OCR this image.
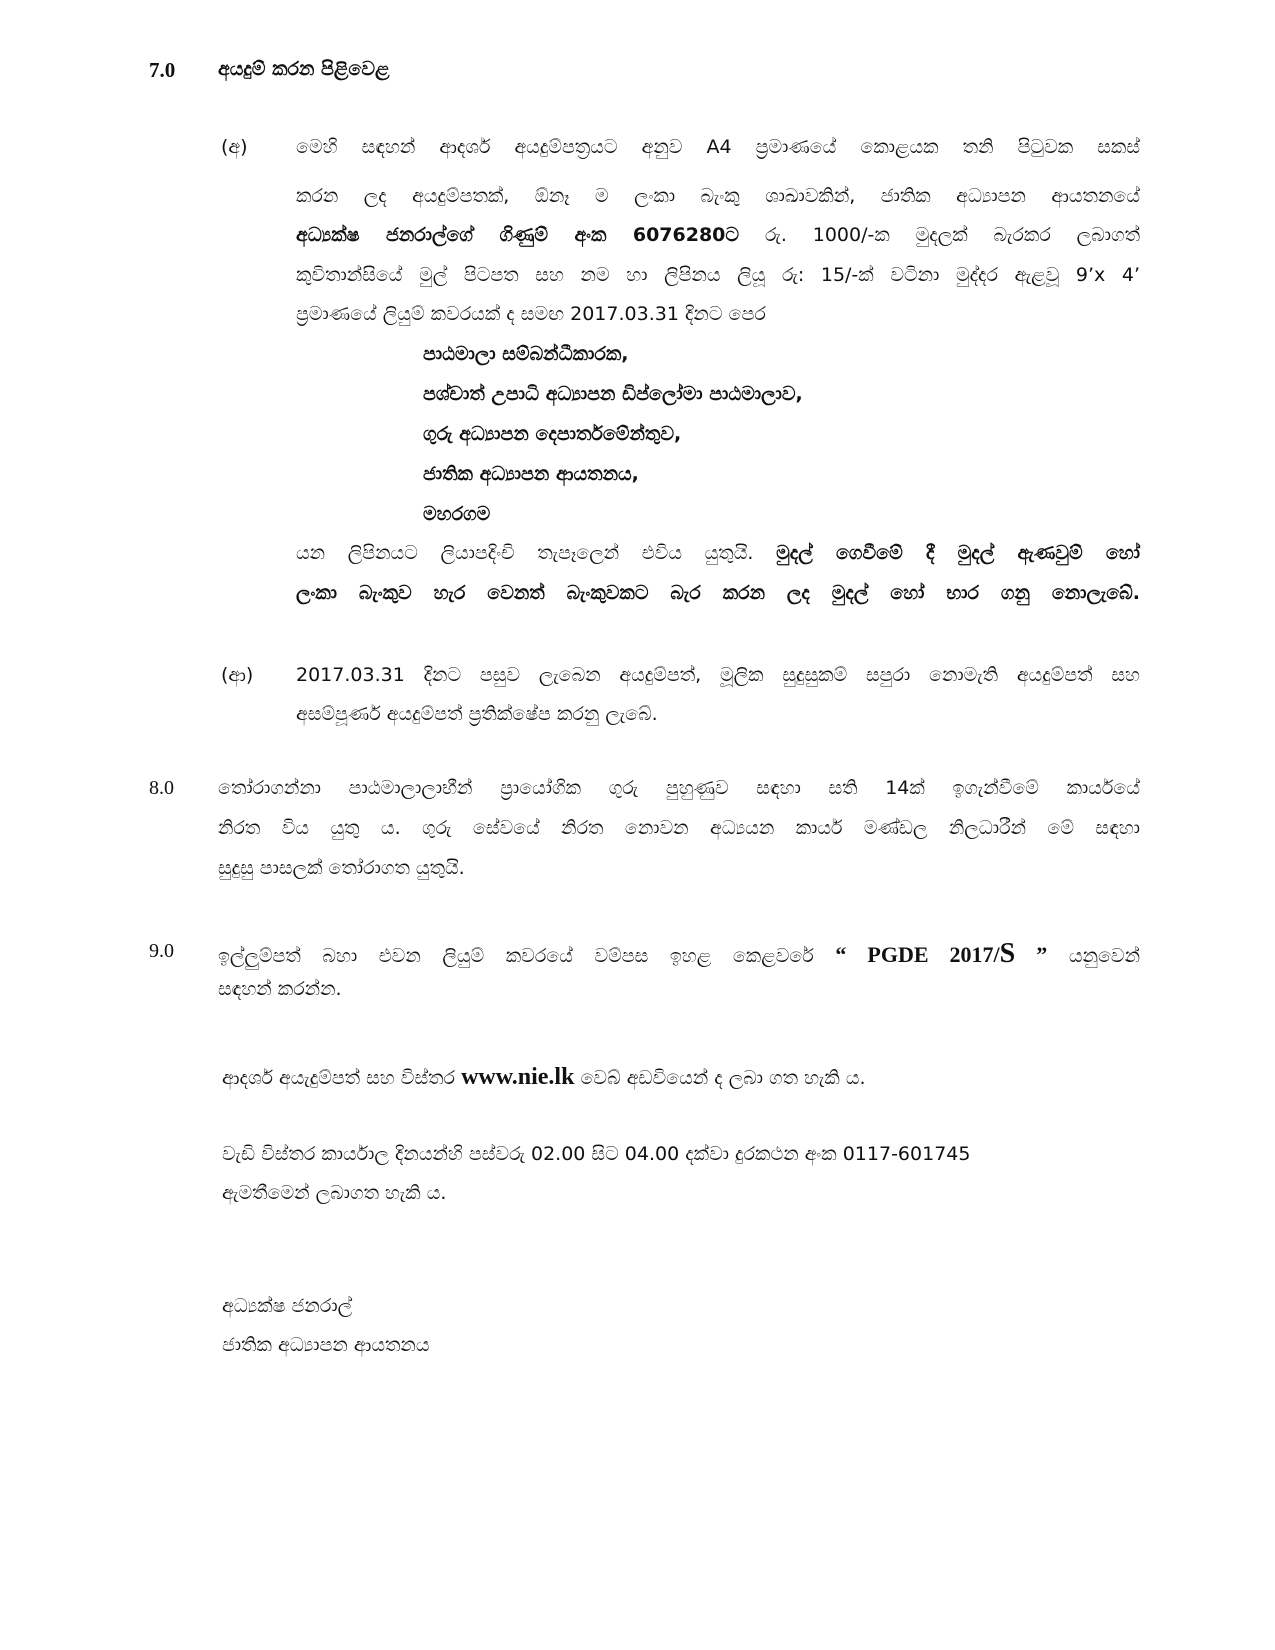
7.0 අයදුම් කරන පිළිවෙළ
(අ)	මෙහි සඳහන් ආදර්ශ අයදුම්පත්‍රයට අනුව A4 ප්‍රමාණයේ කොළයක තනි පිටුවක සකස්
කරන ලද අයදුම්පතක්, ඕනෑ ම ලංකා බැංකු ශාඛාවකින්, ජාතික අධ්‍යාපන ආයතනයේ
අධ්‍යක්ෂ ජනරාල්ගේ ගිණුම් අංක 6076280ට රු. 1000/-ක මුදලක් බැරකර ලබාගත්
කුවිතාන්සියේ මුල් පිටපත සහ නම හා ලිපිනය ලියූ රු: 15/-ක් වටිනා මුද්දර ඇළවූ 9’x 4’
ප්‍රමාණයේ ලියුම් කවරයක් ද සමඟ 2017.03.31 දිනට පෙර
පාඨමාලා සම්බන්ධීකාරක,
පශ්චාත් උපාධි අධ්‍යාපන ඩිප්ලෝමා පාඨමාලාව,
ගුරු අධ්‍යාපන දෙපාර්තමේන්තුව,
ජාතික අධ්‍යාපන ආයතනය,
මහරගම
යන ලිපිනයට ලියාපදිංචි තැපෑලෙන් එවිය යුතුයි. මුදල් ගෙවීමේ දී මුදල් ඇණවුම් හෝ
ලංකා බැංකුව හැර වෙනත් බැංකුවකට බැර කරන ලද මුදල් හෝ භාර ගනු නොලැබේ.
(ආ) 2017.03.31 දිනට පසුව ලැබෙන අයදුම්පත්, මූලික සුදුසුකම් සපුරා නොමැති අයදුම්පත් සහ
අසම්පූර්ණ අයදුම්පත් ප්‍රතික්ෂේප කරනු ලැබේ.
8.0 තෝරාගන්නා පාඨමාලාලාභීන් ප්‍රායෝගික ගුරු පුහුණුව සඳහා සති 14ක් ඉගැන්වීමේ කාර්යයේ
නිරත විය යුතු ය. ගුරු සේවයේ නිරත නොවන අධ්‍යයන කාර්ය මණ්ඩල නිලධාරීන් මේ සඳහා
සුදුසු පාසලක් තෝරාගත යුතුයි.
9.0 ඉල්ලුම්පත් බහා එවන ලියුම් කවරයේ වම්පස ඉහළ කෙළවරේ “ PGDE 2017/S ” යනුවෙන්
සඳහන් කරන්න.
ආදර්ශ අයැදුම්පත් සහ විස්තර www.nie.lk වෙබ් අඩවියෙන් ද ලබා ගත හැකි ය.
වැඩි විස්තර කාර්යාල දිනයන්හි පස්වරු 02.00 සිට 04.00 දක්වා දුරකථන අංක 0117-601745
ඇමතීමෙන් ලබාගත හැකි ය.
අධ්‍යක්ෂ ජනරාල්
ජාතික අධ්‍යාපන ආයතනය
